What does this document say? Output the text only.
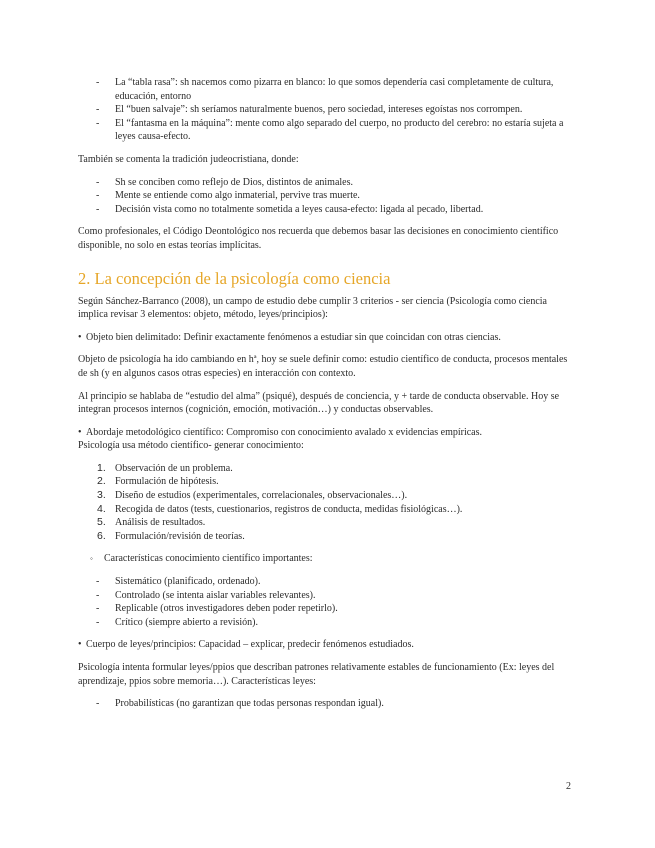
- La “tabla rasa”: sh nacemos como pizarra en blanco: lo que somos dependería casi completamente de cultura, educación, entorno
- El “buen salvaje”: sh seríamos naturalmente buenos, pero sociedad, intereses egoístas nos corrompen.
- El “fantasma en la máquina”: mente como algo separado del cuerpo, no producto del cerebro: no estaría sujeta a leyes causa-efecto.

También se comenta la tradición judeocristiana, donde:

- Sh se conciben como reflejo de Dios, distintos de animales.
- Mente se entiende como algo inmaterial, pervive tras muerte.
- Decisión vista como no totalmente sometida a leyes causa-efecto: ligada al pecado, libertad.

Como profesionales, el Código Deontológico nos recuerda que debemos basar las decisiones en conocimiento científico disponible, no solo en estas teorías implícitas.

2. La concepción de la psicología como ciencia

Según Sánchez-Barranco (2008), un campo de estudio debe cumplir 3 criterios - ser ciencia (Psicología como ciencia implica revisar 3 elementos: objeto, método, leyes/principios):

• Objeto bien delimitado: Definir exactamente fenómenos a estudiar sin que coincidan con otras ciencias.

Objeto de psicología ha ido cambiando en hª, hoy se suele definir como: estudio científico de conducta, procesos mentales de sh (y en algunos casos otras especies) en interacción con contexto.

Al principio se hablaba de “estudio del alma” (psiqué), después de conciencia, y + tarde de conducta observable. Hoy se integran procesos internos (cognición, emoción, motivación…) y conductas observables.

• Abordaje metodológico científico: Compromiso con conocimiento avalado x evidencias empíricas.
Psicología usa método científico- generar conocimiento:

1. Observación de un problema.
2. Formulación de hipótesis.
3. Diseño de estudios (experimentales, correlacionales, observacionales…).
4. Recogida de datos (tests, cuestionarios, registros de conducta, medidas fisiológicas…).
5. Análisis de resultados.
6. Formulación/revisión de teorías.

◦ Características conocimiento científico importantes:

- Sistemático (planificado, ordenado).
- Controlado (se intenta aislar variables relevantes).
- Replicable (otros investigadores deben poder repetirlo).
- Crítico (siempre abierto a revisión).

• Cuerpo de leyes/principios: Capacidad – explicar, predecir fenómenos estudiados.

Psicología intenta formular leyes/ppios que describan patrones relativamente estables de funcionamiento (Ex: leyes del aprendizaje, ppios sobre memoria…). Características leyes:

- Probabilísticas (no garantizan que todas personas respondan igual).
2
